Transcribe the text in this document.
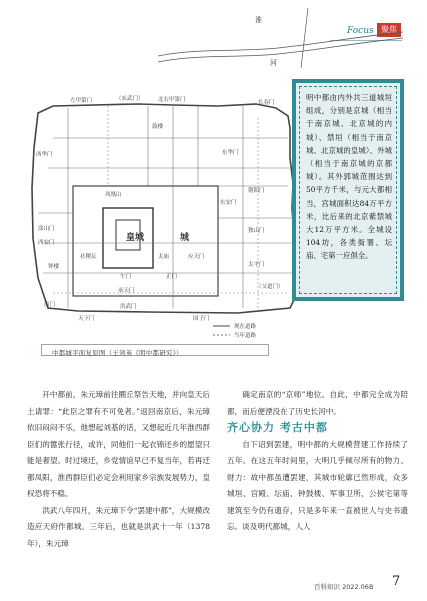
Focus 聚焦
淮
河
左甲第门	（玄武门）	北右甲第门	长春门
鼓楼
凤凰山
东华门
西华门
东安门
西安门
午门
承天门
洪武门
朝阳门
独山门
太平门
（父道门）
天下门	国子门
钟楼
太庙
社稷坛
涂山门
应天门
南门
正门
皇城	城
现在道路
当年道路
中都城平面复原图（王剑英《明中都研究》）
明中都由内外共三道城垣组成，分别是京城（相当于南京城、北京城的内城）、禁垣（相当于南京城、北京城的皇城）、外城（相当于南京城的京都城）。其外郭城范围达到50平方千米，与元大都相当，宫城面积达84万平方米，比后来的北京紫禁城大12万平方米。全城设104坊，各类衙署、坛庙、宅第一应俱全。

开中都前，朱元璋前往圜丘祭告天地，并向皇天后土请罪：“此臣之罪有不可免者。”返回南京后，朱元璋依旧闷闷不乐，他想起刘基的话，又想起近几年淮西群臣们的嚣张行径，或许，同他们一起衣锦还乡的愿望只能是奢望。时过境迁，乡党情谊早已不复当年，若再迁都凤阳，淮西群臣们必定会利用家乡宗族发展势力，皇权恐将不稳。

洪武八年四月，朱元璋下令“罢建中都”，大规模改造应天府作都城。三年后，也就是洪武十一年（1378年），朱元璋

确定南京的“京师”地位。自此，中都完全成为陪都，而后便湮没在了历史长河中。

齐心协力 考古中都

自下诏到罢建，明中都的大规模营建工作持续了五年。在这五年时间里，大明几乎倾尽所有的物力、财力：故中都虽遭罢建，其城市轮廓已然形成，众多城垣、宫殿、坛庙、钟鼓楼、军事卫所、公侯宅第等建筑至今仍有遗存，只是多年来一直被世人与史书遗忘。谈及明代都城，人人

百科知识 2022.06B 7
